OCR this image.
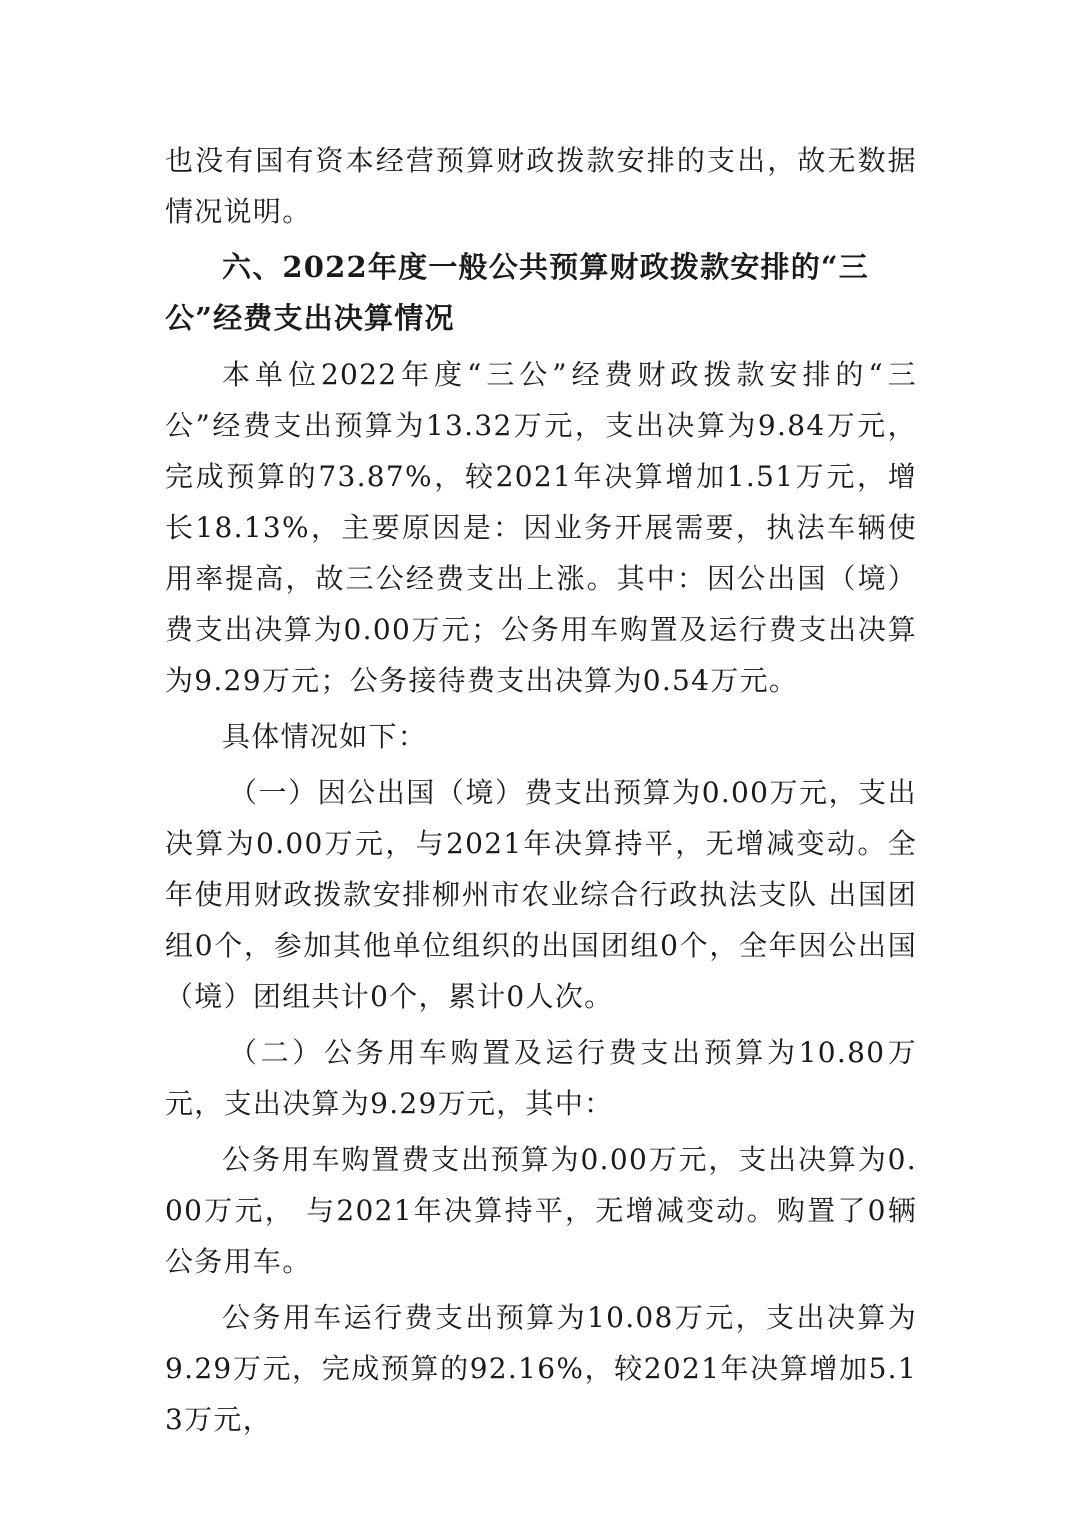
也没有国有资本经营预算财政拨款安排的支出，故无数据情况说明。

六、2022年度一般公共预算财政拨款安排的“三公”经费支出决算情况

本单位2022年度“三公”经费财政拨款安排的“三公”经费支出预算为13.32万元，支出决算为9.84万元，完成预算的73.87%，较2021年决算增加1.51万元，增长18.13%，主要原因是：因业务开展需要，执法车辆使用率提高，故三公经费支出上涨。其中：因公出国（境）费支出决算为0.00万元；公务用车购置及运行费支出决算为9.29万元；公务接待费支出决算为0.54万元。

具体情况如下：

（一）因公出国（境）费支出预算为0.00万元，支出决算为0.00万元，与2021年决算持平，无增减变动。全年使用财政拨款安排柳州市农业综合行政执法支队 出国团组0个，参加其他单位组织的出国团组0个，全年因公出国（境）团组共计0个，累计0人次。

（二）公务用车购置及运行费支出预算为10.80万元，支出决算为9.29万元，其中：

公务用车购置费支出预算为0.00万元，支出决算为0.00万元， 与2021年决算持平，无增减变动。购置了0辆公务用车。

公务用车运行费支出预算为10.08万元，支出决算为9.29万元，完成预算的92.16%，较2021年决算增加5.13万元，
